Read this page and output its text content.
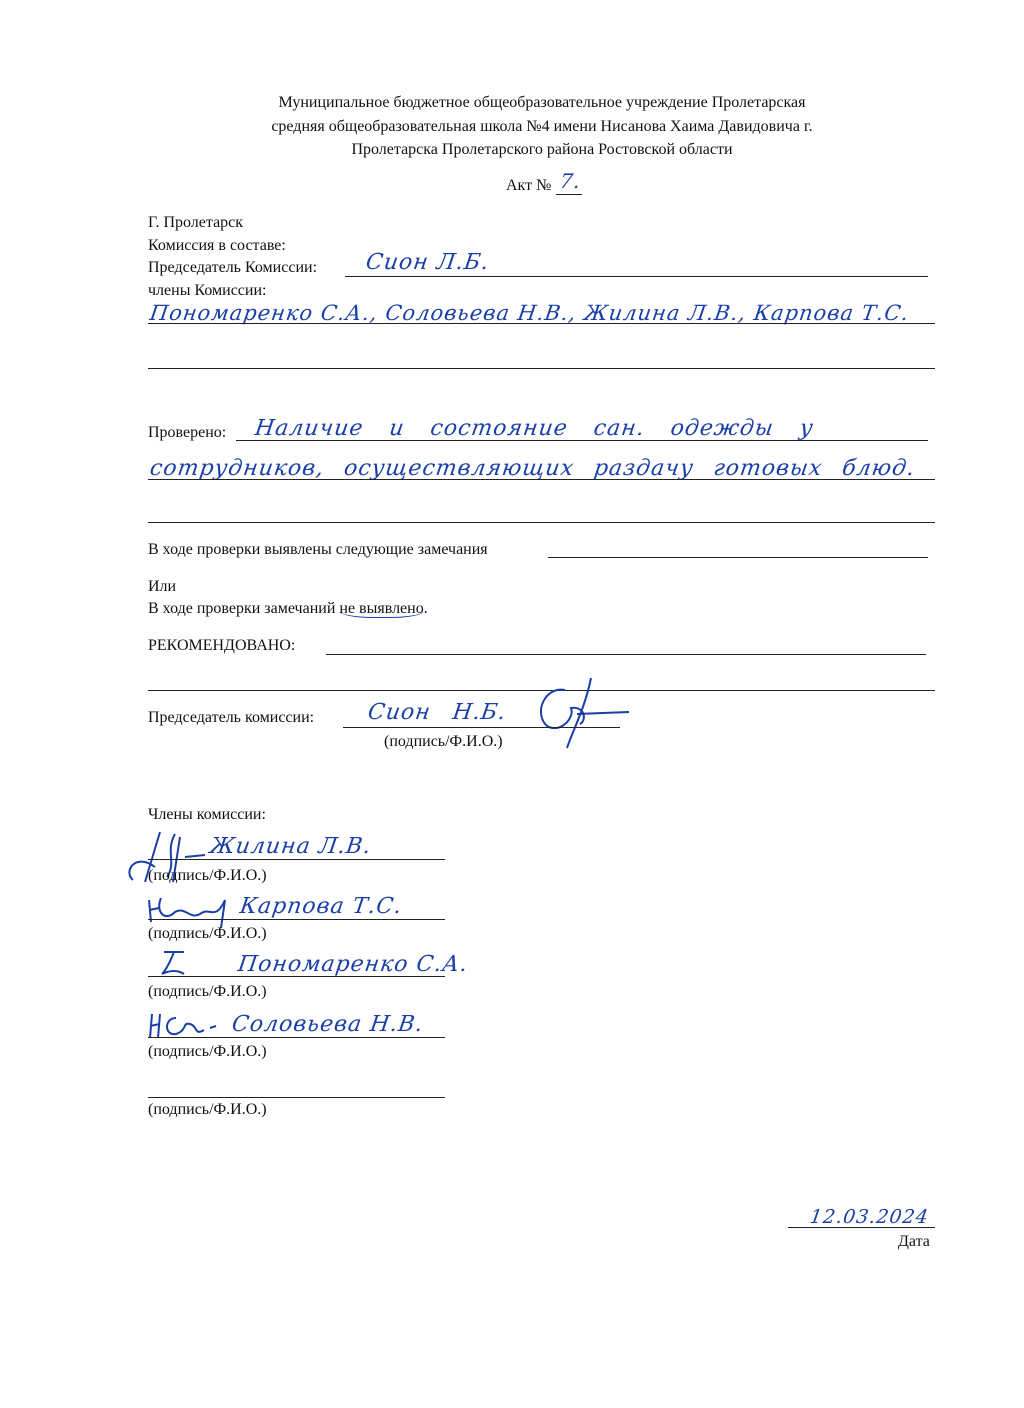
Муниципальное бюджетное общеобразовательное учреждение Пролетарская
средняя общеобразовательная школа №4 имени Нисанова Хаима Давидовича г.
Пролетарска Пролетарского района Ростовской области
Акт № 7.
Г. Пролетарск
Комиссия в составе:
Председатель Комиссии: Сион Л.Б.
члены Комиссии:
Пономаренко С.А., Соловьева Н.В., Жилина Л.В., Карпова Т.С.
Проверено: Наличие и состояние сан. одежды у
сотрудников, осуществляющих раздачу готовых блюд.
В ходе проверки выявлены следующие замечания
Или
В ходе проверки замечаний не выявлено.
РЕКОМЕНДОВАНО:
Председатель комиссии: Сион Н.Б.
(подпись/Ф.И.О.)
Члены комиссии:
Жилина Л.В.
(подпись/Ф.И.О.)
Карпова Т.С.
(подпись/Ф.И.О.)
Пономаренко С.А.
(подпись/Ф.И.О.)
Соловьева Н.В.
(подпись/Ф.И.О.)
(подпись/Ф.И.О.)
12.03.2024
Дата
